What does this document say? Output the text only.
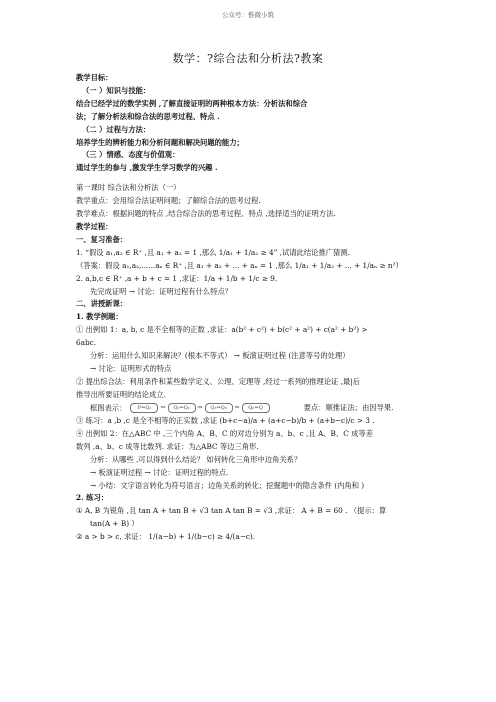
公众号：惟微小筑
数学：?综合法和分析法?教案
教学目标：
（一 ）知识与技能：
结合已经学过的数学实例 ,了解直接证明的两种根本方法：分析法和综合
法；了解分析法和综合法的思考过程、特点 .
（二 ）过程与方法：
培养学生的辨析能力和分析问题和解决问题的能力；
（三 ）情感、态度与价值观：
通过学生的参与 ,激发学生学习数学的兴趣 .
第一课时 综合法和分析法（一）
教学重点：会用综合法证明问题；了解综合法的思考过程.
教学难点：根据问题的特点 ,结合综合法的思考过程、特点 ,选择适当的证明方法.
教学过程：
一、复习准备：
1. “假设 a₁,a₂ ∈ R⁺ ,且 a₁ + a₂ = 1 ,那么 1/a₁ + 1/a₂ ≥ 4” ,试请此结论推广猜测.
（答案：假设 a₁,a₂,......aₙ ∈ R⁺ ,且 a₁ + a₂ + ... + aₙ = 1 ,那么 1/a₁ + 1/a₂ + ... + 1/aₙ ≥ n²）
2. a,b,c ∈ R⁺ ,a + b + c = 1 ,求证：1/a + 1/b + 1/c ≥ 9.
先完成证明 → 讨论：证明过程有什么特点？
二、讲授新课：
1. 教学例题：
① 出例如 1：a, b, c 是不全相等的正数 ,求证：a(b² + c²) + b(c² + a²) + c(a² + b²) >
6abc.
分析：运用什么知识来解决？(根本不等式） → 板演证明过程 (注意等号的处理）
→ 讨论：证明形式的特点
② 提出综合法：利用条件和某些数学定义、公理、定理等 ,经过一系列的推理论证 ,最|后
推导出所要证明的结论成立.
框图表示：	P⇒Q₁	⇒	Q₁⇒Q₂	⇒	Q₂⇒Q₃	⇒	Qₙ⇒Q	要点：顺推证法；由因导果.
③ 练习：a ,b ,c 是全不相等的正实数 ,求证 (b+c−a)/a + (a+c−b)/b + (a+b−c)/c > 3 .
④ 出例如 2：在△ABC 中 ,三个内角 A、B、C 的对边分别为 a、b、c ,且 A、B、C 成等差
数列 ,a、b、c 成等比数列. 求证：为△ABC 等边三角形.
分析：从哪些 ,可以得到什么结论？ 如何转化三角形中边角关系？
→ 板演证明过程 → 讨论：证明过程的特点.
→ 小结：文字语言转化为符号语言；边角关系的转化；挖掘题中的隐含条件 (内角和 )
2. 练习：
① A, B 为锐角 ,且 tan A + tan B + √3 tan A tan B = √3 ,求证： A + B = 60 . （提示：算
tan(A + B) ）
② a > b > c, 求证： 1/(a−b) + 1/(b−c) ≥ 4/(a−c).
